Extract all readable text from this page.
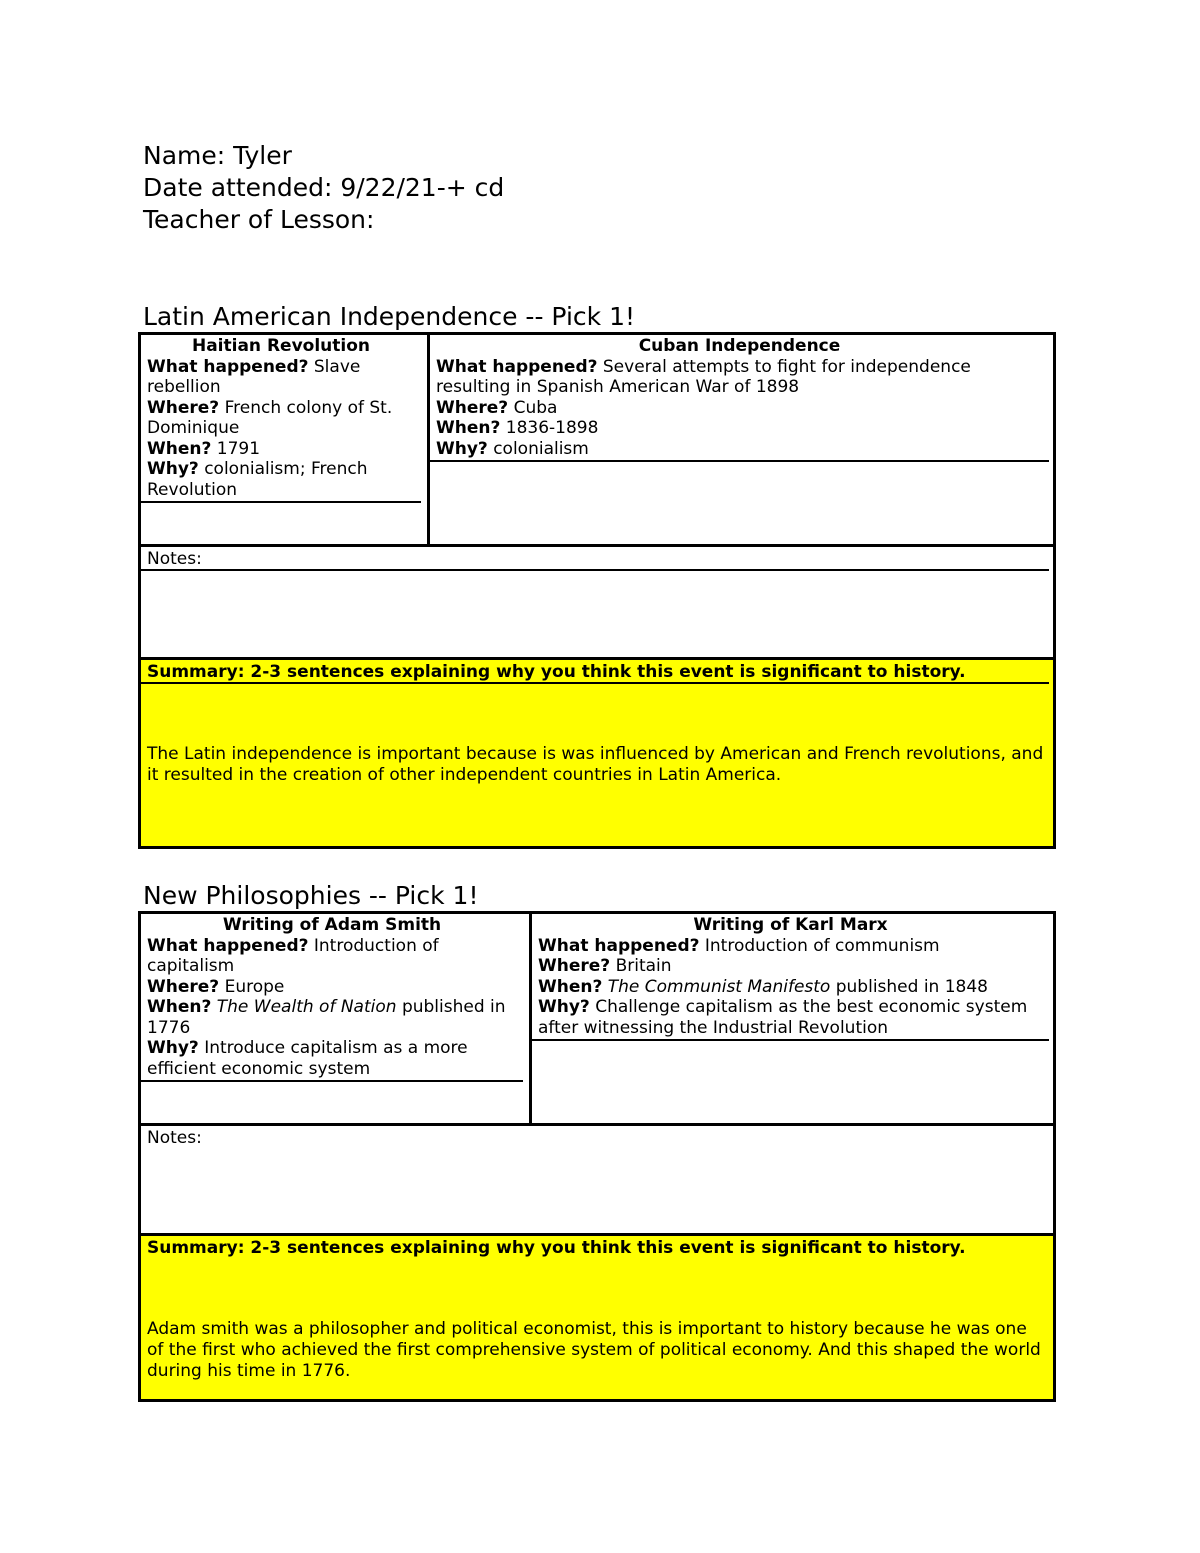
Name: Tyler
Date attended: 9/22/21-+ cd
Teacher of Lesson:
Latin American Independence -- Pick 1!
Haitian Revolution
What happened? Slave rebellion
Where? French colony of St. Dominique
When? 1791
Why? colonialism; French Revolution
Cuban Independence
What happened? Several attempts to fight for independence resulting in Spanish American War of 1898
Where? Cuba
When? 1836-1898
Why? colonialism
Notes:
Summary: 2-3 sentences explaining why you think this event is significant to history.
The Latin independence is important because is was influenced by American and French revolutions, and it resulted in the creation of other independent countries in Latin America.
New Philosophies -- Pick 1!
Writing of Adam Smith
What happened? Introduction of capitalism
Where? Europe
When? The Wealth of Nation published in 1776
Why? Introduce capitalism as a more efficient economic system
Writing of Karl Marx
What happened? Introduction of communism
Where? Britain
When? The Communist Manifesto published in 1848
Why? Challenge capitalism as the best economic system after witnessing the Industrial Revolution
Notes:
Summary: 2-3 sentences explaining why you think this event is significant to history.
Adam smith was a philosopher and political economist, this is important to history because he was one of the first who achieved the first comprehensive system of political economy. And this shaped the world during his time in 1776.
